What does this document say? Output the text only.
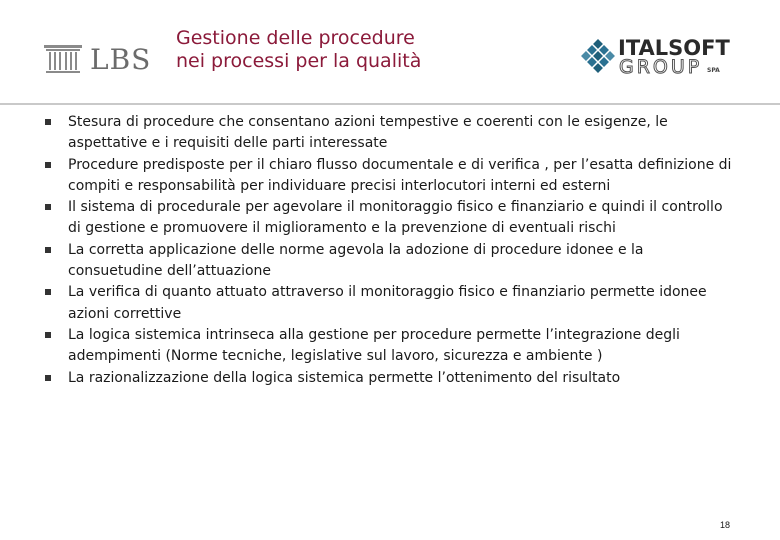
LBS
Gestione delle procedure
nei processi per la qualità
ITALSOFT
GROUP SPA
Stesura di procedure che consentano azioni tempestive e coerenti con le esigenze, le aspettative e i requisiti delle parti interessate
Procedure predisposte per il chiaro flusso documentale e di verifica , per l’esatta definizione di compiti e responsabilità per individuare precisi interlocutori interni ed esterni
Il sistema di procedurale per agevolare il monitoraggio fisico e finanziario e quindi il controllo di gestione e promuovere il miglioramento e la prevenzione di eventuali rischi
La corretta applicazione delle norme agevola la adozione di procedure idonee e la consuetudine dell’attuazione
La verifica di quanto attuato attraverso il monitoraggio fisico e finanziario permette idonee azioni correttive
La logica sistemica intrinseca alla gestione per procedure permette l’integrazione degli adempimenti (Norme tecniche, legislative sul lavoro, sicurezza e ambiente )
La razionalizzazione della logica sistemica permette l’ottenimento del risultato
18
